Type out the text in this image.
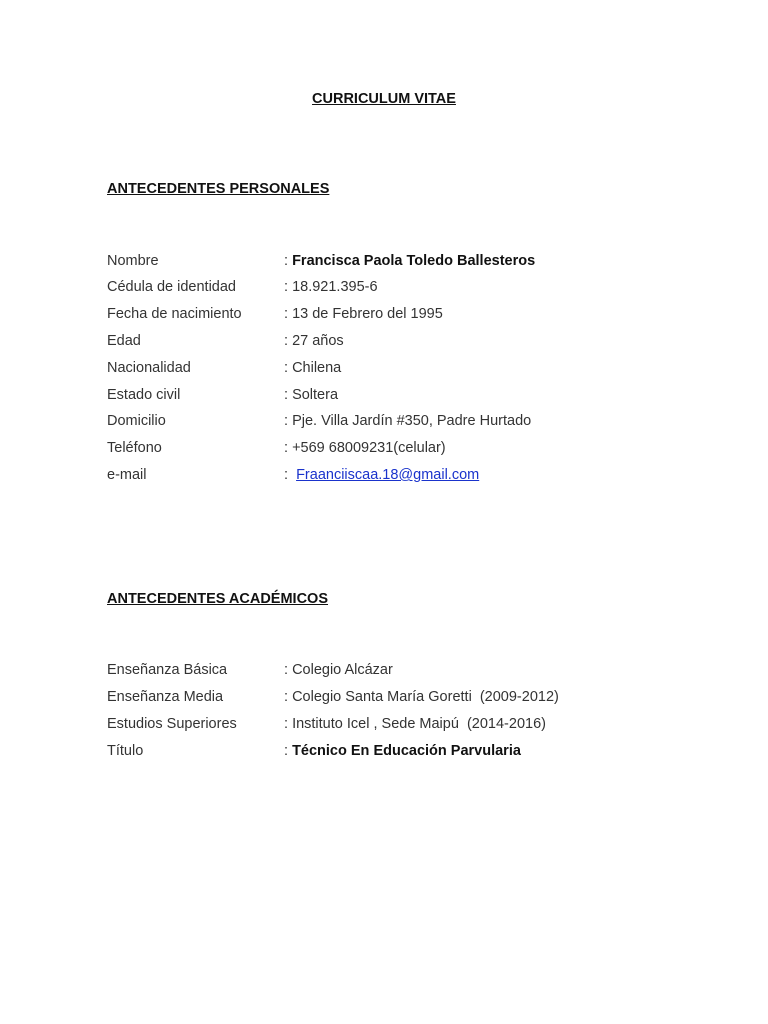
CURRICULUM VITAE
ANTECEDENTES PERSONALES
Nombre	: Francisca Paola Toledo Ballesteros
Cédula de identidad	: 18.921.395-6
Fecha de nacimiento	: 13 de Febrero del 1995
Edad	: 27 años
Nacionalidad	: Chilena
Estado civil	: Soltera
Domicilio	: Pje. Villa Jardín #350, Padre Hurtado
Teléfono	: +569 68009231(celular)
e-mail	: Fraanciiscaa.18@gmail.com
ANTECEDENTES ACADÉMICOS
Enseñanza Básica	: Colegio Alcázar
Enseñanza Media	: Colegio Santa María Goretti  (2009-2012)
Estudios Superiores	: Instituto Icel , Sede Maipú  (2014-2016)
Título	: Técnico En Educación Parvularia
